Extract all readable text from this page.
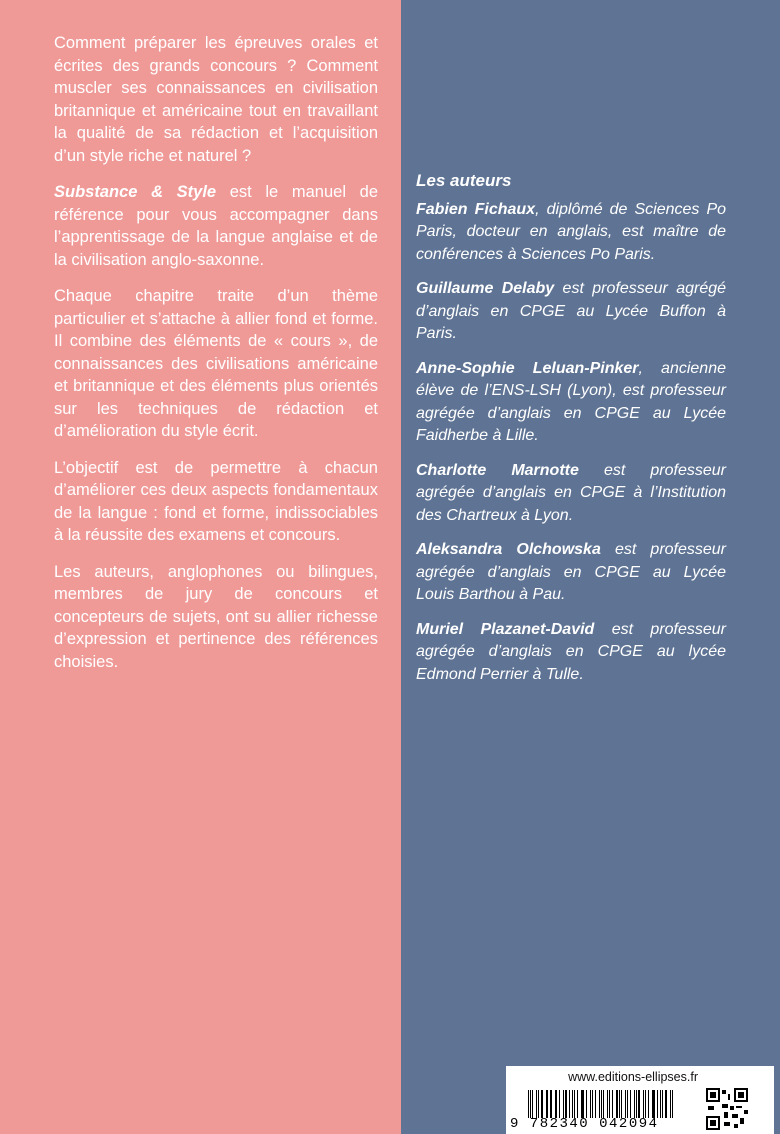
Comment préparer les épreuves orales et écrites des grands concours ? Comment muscler ses connaissances en civilisation britannique et américaine tout en travaillant la qualité de sa rédaction et l’acquisition d’un style riche et naturel ?

Substance & Style est le manuel de référence pour vous accompagner dans l’apprentissage de la langue anglaise et de la civilisation anglo-saxonne.

Chaque chapitre traite d’un thème particulier et s’attache à allier fond et forme. Il combine des éléments de « cours », de connaissances des civilisations américaine et britannique et des éléments plus orientés sur les techniques de rédaction et d’amélioration du style écrit.

L’objectif est de permettre à chacun d’améliorer ces deux aspects fondamentaux de la langue : fond et forme, indissociables à la réussite des examens et concours.

Les auteurs, anglophones ou bilingues, membres de jury de concours et concepteurs de sujets, ont su allier richesse d’expression et pertinence des références choisies.

Les auteurs

Fabien Fichaux, diplômé de Sciences Po Paris, docteur en anglais, est maître de conférences à Sciences Po Paris.

Guillaume Delaby est professeur agrégé d’anglais en CPGE au Lycée Buffon à Paris.

Anne-Sophie Leluan-Pinker, ancienne élève de l’ENS-LSH (Lyon), est professeur agrégée d’anglais en CPGE au Lycée Faidherbe à Lille.

Charlotte Marnotte est professeur agrégée d’anglais en CPGE à l’Institution des Chartreux à Lyon.

Aleksandra Olchowska est professeur agrégée d’anglais en CPGE au Lycée Louis Barthou à Pau.

Muriel Plazanet-David est professeur agrégée d’anglais en CPGE au lycée Edmond Perrier à Tulle.

www.editions-ellipses.fr
9 782340 042094
